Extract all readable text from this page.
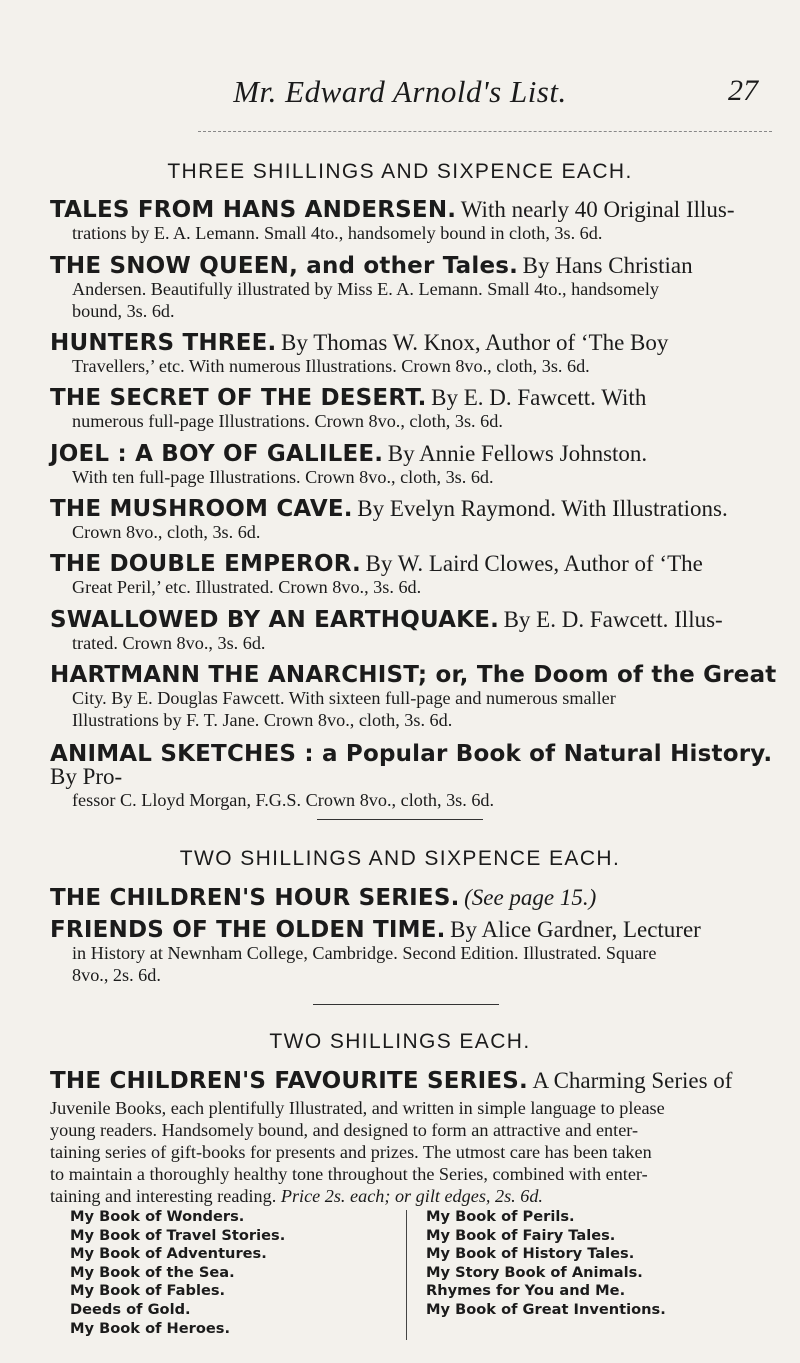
Mr. Edward Arnold's List.	27
THREE SHILLINGS AND SIXPENCE EACH.
TALES FROM HANS ANDERSEN. With nearly 40 Original Illus-
trations by E. A. Lemann. Small 4to., handsomely bound in cloth, 3s. 6d.
THE SNOW QUEEN, and other Tales. By Hans Christian
Andersen. Beautifully illustrated by Miss E. A. Lemann. Small 4to., handsomely
bound, 3s. 6d.
HUNTERS THREE. By Thomas W. Knox, Author of ‘The Boy
Travellers,’ etc. With numerous Illustrations. Crown 8vo., cloth, 3s. 6d.
THE SECRET OF THE DESERT. By E. D. Fawcett. With
numerous full-page Illustrations. Crown 8vo., cloth, 3s. 6d.
JOEL : A BOY OF GALILEE. By Annie Fellows Johnston.
With ten full-page Illustrations. Crown 8vo., cloth, 3s. 6d.
THE MUSHROOM CAVE. By Evelyn Raymond. With Illustrations.
Crown 8vo., cloth, 3s. 6d.
THE DOUBLE EMPEROR. By W. Laird Clowes, Author of ‘The
Great Peril,’ etc. Illustrated. Crown 8vo., 3s. 6d.
SWALLOWED BY AN EARTHQUAKE. By E. D. Fawcett. Illus-
trated. Crown 8vo., 3s. 6d.
HARTMANN THE ANARCHIST; or, The Doom of the Great
City. By E. Douglas Fawcett. With sixteen full-page and numerous smaller
Illustrations by F. T. Jane. Crown 8vo., cloth, 3s. 6d.
ANIMAL SKETCHES : a Popular Book of Natural History. By Pro-
fessor C. Lloyd Morgan, F.G.S. Crown 8vo., cloth, 3s. 6d.
TWO SHILLINGS AND SIXPENCE EACH.
THE CHILDREN'S HOUR SERIES. (See page 15.)
FRIENDS OF THE OLDEN TIME. By Alice Gardner, Lecturer
in History at Newnham College, Cambridge. Second Edition. Illustrated. Square
8vo., 2s. 6d.
TWO SHILLINGS EACH.
THE CHILDREN'S FAVOURITE SERIES. A Charming Series of
Juvenile Books, each plentifully Illustrated, and written in simple language to please
young readers. Handsomely bound, and designed to form an attractive and enter-
taining series of gift-books for presents and prizes. The utmost care has been taken
to maintain a thoroughly healthy tone throughout the Series, combined with enter-
taining and interesting reading. Price 2s. each; or gilt edges, 2s. 6d.
My Book of Wonders.
My Book of Travel Stories.
My Book of Adventures.
My Book of the Sea.
My Book of Fables.
Deeds of Gold.
My Book of Heroes.
My Book of Perils.
My Book of Fairy Tales.
My Book of History Tales.
My Story Book of Animals.
Rhymes for You and Me.
My Book of Great Inventions.
